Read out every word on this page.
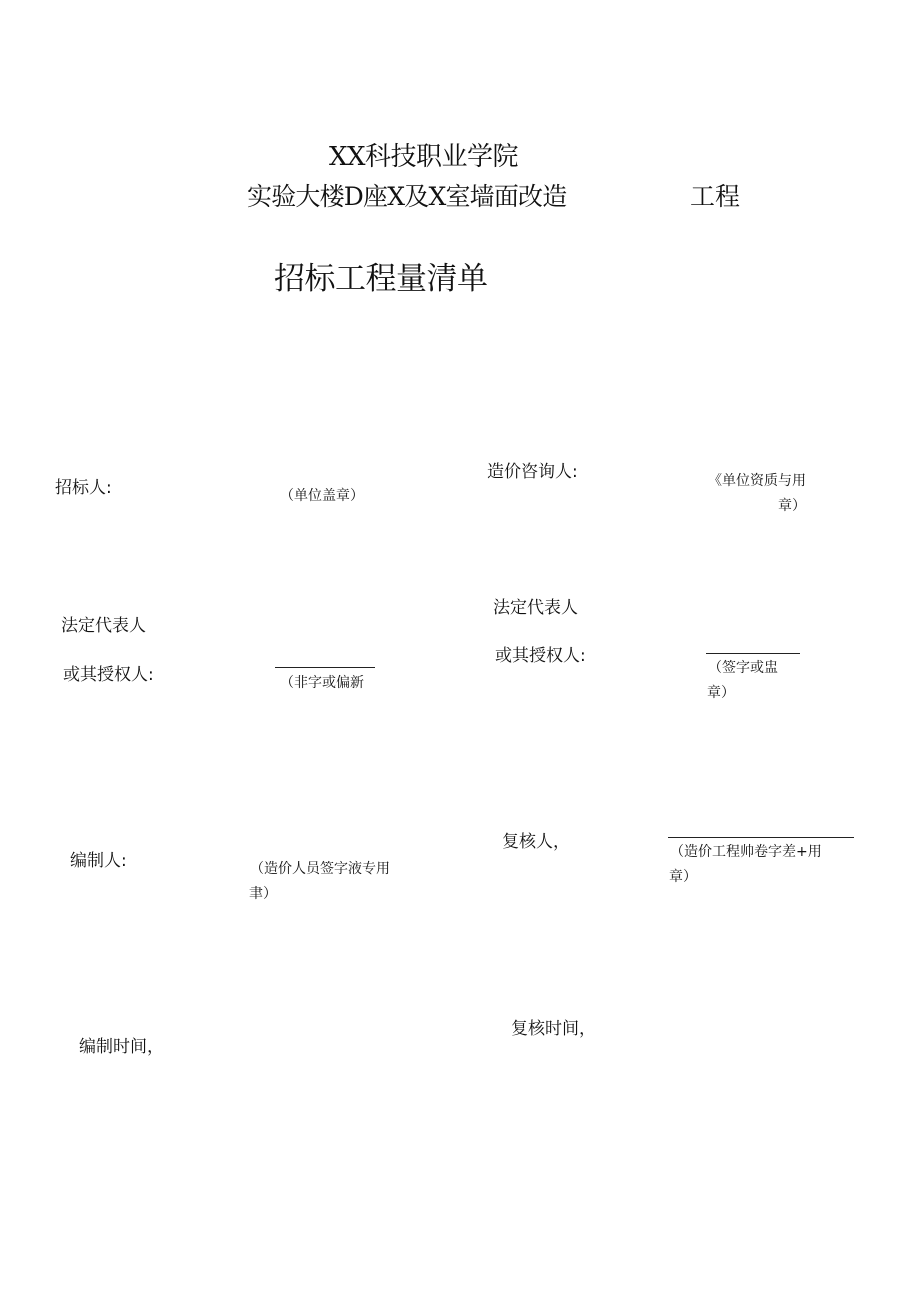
XX科技职业学院
实验大楼D座X及X室墙面改造	工程
招标工程量清单
招标人:	（单位盖章）
法定代表人
或其授权人:	（非字或偏新
编制人:	（造价人员签字液专用
聿）
编制时间，
造价咨询人:	《单位资质与用
章）
法定代表人
或其授权人:
（签字或盅
章）
复核人，	（造价工程帅卷字差+用
章）
复核时间，
